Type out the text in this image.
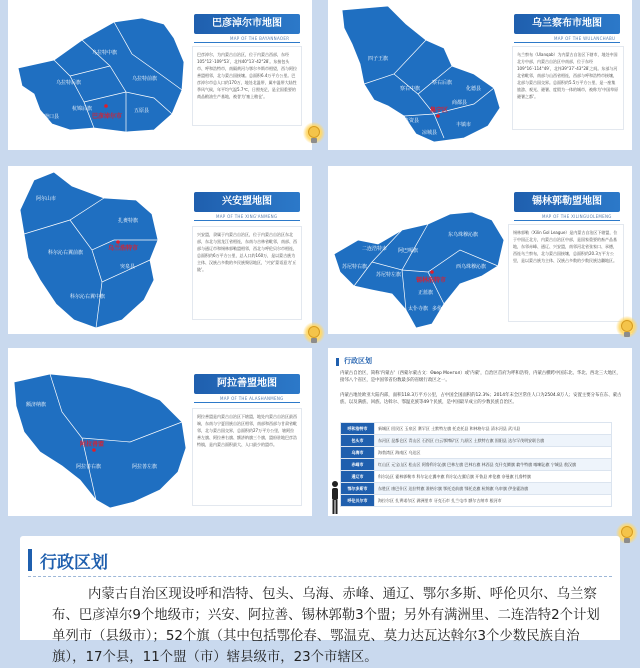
乌拉特中旗
乌拉特后旗
乌拉特前旗
磴口县
杭锦后旗	五原县
巴彦淖尔市
巴彦淖尔市地图
MAP OF THE BAYANNAOER
巴彦淖尔，为内蒙古自治区，位于内蒙古西部，东经105°12′-109°53′，北纬40°13′-42°28′。东接包头市、呼和浩特市，南隔黄河与鄂尔多斯市相望，西与阿拉善盟相邻，北与蒙古国接壤。总面积6.4万平方公里。巴彦淖尔市总人口约170万，地处北温带，属中温带大陆性季风气候，年平均气温5.7℃，日照充足，是全国重要的商品粮油生产基地，被誉为'塞上粮仓'。
四子王旗
察右中旗
察右后旗
化德县
商都县
卓资县
凉城县
丰镇市
集宁区
乌兰察布市地图
MAP OF THE WULANCHABU
乌兰察布（Ulanqab）为内蒙古自治区下辖市，地处中国北方中部，内蒙古自治区中南部，位于东经109°16′-114°49′，北纬39°37′-43°28′之间。东部与河北省毗邻，南部与山西省相连，西部与呼和浩特市接壤，北部与蒙古国交界。总面积约5.5万平方公里，是一座集旅游、观光、避暑、度假为一体的城市，被称为'中国草原避暑之都'。
阿尔山市
科尔沁右翼前旗
扎赉特旗
突泉县
科尔沁右翼中旗
乌兰浩特市
兴安盟地图
MAP OF THE XING'ANMENG
兴安盟，隶属于内蒙古自治区，位于内蒙古自治区东北部，东北与黑龙江省相连，东南与吉林省毗邻，南部、西部与通辽市和锡林郭勒盟相邻，西北与呼伦贝尔市相连，总面积约6万平方公里，总人口约160万，是以蒙古族为主体、汉族占多数的多民族聚居地区，'兴安'蒙语意为'丘陵'。
东乌珠穆沁旗
西乌珠穆沁旗
阿巴嘎旗
苏尼特左旗
苏尼特右旗
二连浩特市
正蓝旗
太仆寺旗 多伦县
锡林浩特市
锡林郭勒盟地图
MAP OF THE XILINGUOLEMENG
锡林郭勒（Xilin Gol League）是内蒙古自治区下辖盟，位于中国正北方，内蒙古自治区中部，是国家重要的畜产品基地，东邻赤峰、通辽、兴安盟，南邻河北省张家口、承德，西连乌兰察布，北与蒙古国接壤，总面积约20.3万平方公里，是以蒙古族为主体、汉族占多数的少数民族边疆地区。
额济纳旗
阿拉善右旗	阿拉善左旗
阿拉善盟
阿拉善盟地图
MAP OF THE ALASHANMENG
阿拉善盟是内蒙古自治区下辖盟，地处内蒙古自治区最西端，东南与宁夏回族自治区相邻，南部和西部与甘肃省毗邻，北与蒙古国交界，总面积约27万平方公里，辖阿拉善左旗、阿拉善右旗、额济纳旗三个旗，盟府驻地巴彦浩特镇，是内蒙古面积最大、人口最少的盟市。
行政区划
内蒙古自治区，简称'内蒙古'（西蒙尔蒙古文：Өвөр Монгол）或'内蒙'，自治区首府为呼和浩特，内蒙古横跨中国东北、华北、西北三大地区，接邻八个省区，是中国邻省份数最多的省级行政区之一。
内蒙古地处欧亚大陆内部，面积118.3万平方公里，占中国全国面积的12.3%；2014年末全区常住人口为2504.8万人；安置主要分布在东、蒙古族、以及满族、回族、达斡尔、鄂温克族等49个民族，是中国最早成立的少数民族自治区。
呼和浩特市	新城区 回民区 玉泉区 赛罕区 土默特左旗 托克托县 和林格尔县 清水河县 武川县
包头市	东河区 昆都仑区 青山区 石拐区 白云鄂博矿区 九原区 土默特右旗 固阳县 达尔罕茂明安联合旗
乌海市	海勃湾区 海南区 乌达区
赤峰市	红山区 元宝山区 松山区 阿鲁科尔沁旗 巴林左旗 巴林右旗 林西县 克什克腾旗 翁牛特旗 喀喇沁旗 宁城县 敖汉旗
通辽市	科尔沁区 霍林郭勒市 科尔沁左翼中旗 科尔沁左翼后旗 开鲁县 库伦旗 奈曼旗 扎鲁特旗
鄂尔多斯市	东胜区 康巴什区 达拉特旗 准格尔旗 鄂托克前旗 鄂托克旗 杭锦旗 乌审旗 伊金霍洛旗
呼伦贝尔市	海拉尔区 扎赉诺尔区 满洲里市 牙克石市 扎兰屯市 额尔古纳市 根河市
行政区划
内蒙古自治区现设呼和浩特、包头、乌海、赤峰、通辽、鄂尔多斯、呼伦贝尔、乌兰察布、巴彦淖尔9个地级市；兴安、阿拉善、锡林郭勒3个盟；另外有满洲里、二连浩特2个计划单列市（县级市）；52个旗（其中包括鄂伦春、鄂温克、莫力达瓦达斡尔3个少数民族自治旗），17个县，11个盟（市）辖县级市，23个市辖区。
